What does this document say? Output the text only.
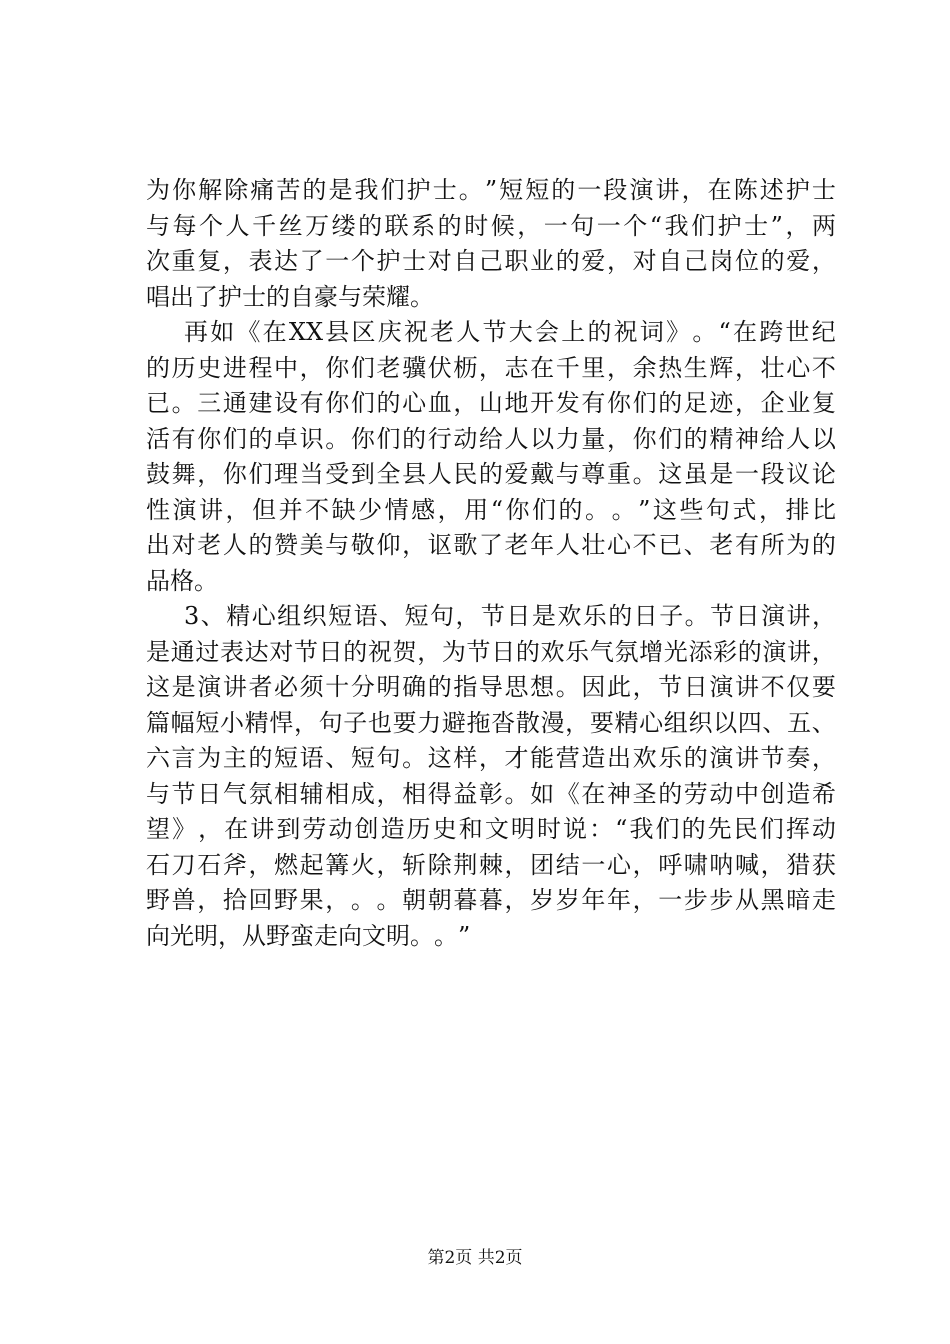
为 你 解 除 痛 苦 的 是 我 们 护 士 。 ” 短 短 的 一 段 演 讲 ， 在 陈 述 护 士
与 每 个 人 千 丝 万 缕 的 联 系 的 时 候 ， 一 句 一 个 “ 我 们 护 士 ” ， 两
次 重 复 ， 表 达 了 一 个 护 士 对 自 己 职 业 的 爱 ， 对 自 己 岗 位 的 爱 ，
唱 出 了 护 士 的 自 豪 与 荣 耀 。
再 如 《 在 XX 县 区 庆 祝 老 人 节 大 会 上 的 祝 词 》 。 “ 在 跨 世 纪
的 历 史 进 程 中 ， 你 们 老 骥 伏 枥 ， 志 在 千 里 ， 余 热 生 辉 ， 壮 心 不
已 。 三 通 建 设 有 你 们 的 心 血 ， 山 地 开 发 有 你 们 的 足 迹 ， 企 业 复
活 有 你 们 的 卓 识 。 你 们 的 行 动 给 人 以 力 量 ， 你 们 的 精 神 给 人 以
鼓 舞 ， 你 们 理 当 受 到 全 县 人 民 的 爱 戴 与 尊 重 。 这 虽 是 一 段 议 论
性 演 讲 ， 但 并 不 缺 少 情 感 ， 用 “ 你 们 的 。 。 ” 这 些 句 式 ， 排 比
出 对 老 人 的 赞 美 与 敬 仰 ， 讴 歌 了 老 年 人 壮 心 不 已 、 老 有 所 为 的
品 格 。
3 、 精 心 组 织 短 语 、 短 句 ， 节 日 是 欢 乐 的 日 子 。 节 日 演 讲 ，
是 通 过 表 达 对 节 日 的 祝 贺 ， 为 节 日 的 欢 乐 气 氛 增 光 添 彩 的 演 讲 ，
这 是 演 讲 者 必 须 十 分 明 确 的 指 导 思 想 。 因 此 ， 节 日 演 讲 不 仅 要
篇 幅 短 小 精 悍 ， 句 子 也 要 力 避 拖 沓 散 漫 ， 要 精 心 组 织 以 四 、 五 、
六 言 为 主 的 短 语 、 短 句 。 这 样 ， 才 能 营 造 出 欢 乐 的 演 讲 节 奏 ，
与 节 日 气 氛 相 辅 相 成 ， 相 得 益 彰 。 如 《 在 神 圣 的 劳 动 中 创 造 希
望 》 ， 在 讲 到 劳 动 创 造 历 史 和 文 明 时 说 ： “ 我 们 的 先 民 们 挥 动
石 刀 石 斧 ， 燃 起 篝 火 ， 斩 除 荆 棘 ， 团 结 一 心 ， 呼 啸 呐 喊 ， 猎 获
野 兽 ， 拾 回 野 果 ， 。 。 朝 朝 暮 暮 ， 岁 岁 年 年 ， 一 步 步 从 黑 暗 走
向 光 明 ， 从 野 蛮 走 向 文 明 。 。 ”
第2页 共2页
